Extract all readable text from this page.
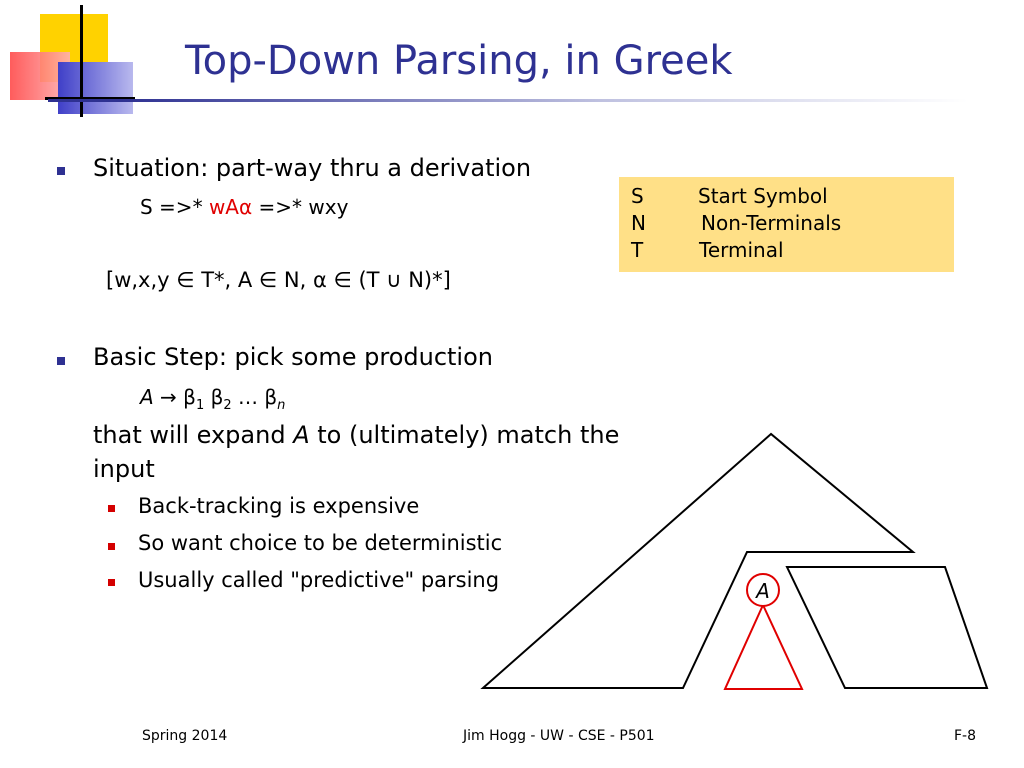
Top-Down Parsing, in Greek
Situation: part-way thru a derivation
S =>* wAα =>* wxy
[w,x,y ∈ T*, A ∈ N, α ∈ (T ∪ N)*]
Basic Step: pick some production
$A \to \beta_1$ $\beta_2$ … $\beta_n$
that will expand A to (ultimately) match the
input
Back-tracking is expensive
So want choice to be deterministic
Usually called "predictive" parsing
S	Start Symbol
N	Non-Terminals
T	Terminal
A
Spring 2014	Jim Hogg - UW - CSE - P501	F-8
